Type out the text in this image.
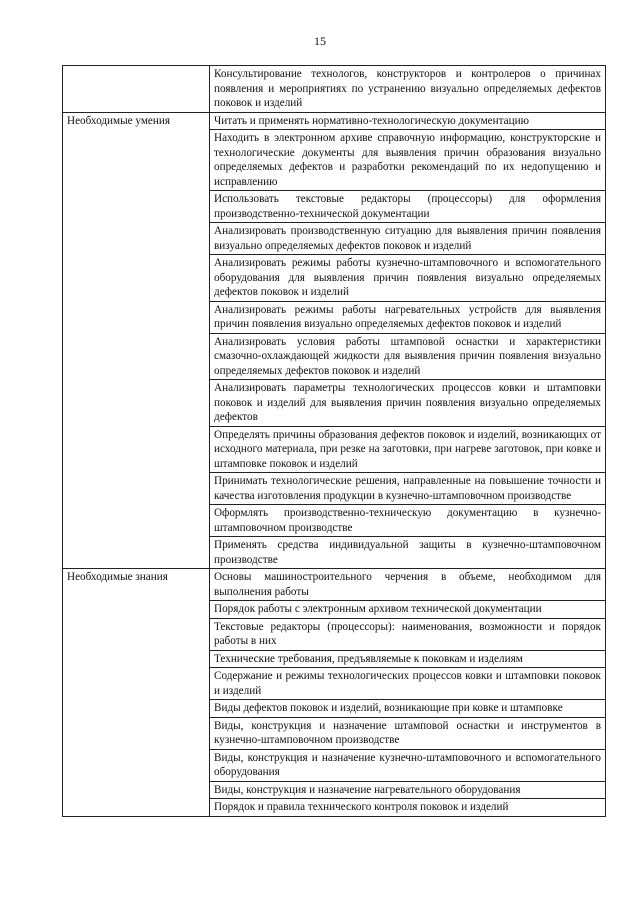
15
	Консультирование технологов, конструкторов и контролеров о причинах появления и мероприятиях по устранению визуально определяемых дефектов поковок и изделий
Необходимые умения	Читать и применять нормативно-технологическую документацию
	Находить в электронном архиве справочную информацию, конструкторские и технологические документы для выявления причин образования визуально определяемых дефектов и разработки рекомендаций по их недопущению и исправлению
	Использовать текстовые редакторы (процессоры) для оформления производственно-технической документации
	Анализировать производственную ситуацию для выявления причин появления визуально определяемых дефектов поковок и изделий
	Анализировать режимы работы кузнечно-штамповочного и вспомогательного оборудования для выявления причин появления визуально определяемых дефектов поковок и изделий
	Анализировать режимы работы нагревательных устройств для выявления причин появления визуально определяемых дефектов поковок и изделий
	Анализировать условия работы штамповой оснастки и характеристики смазочно-охлаждающей жидкости для выявления причин появления визуально определяемых дефектов поковок и изделий
	Анализировать параметры технологических процессов ковки и штамповки поковок и изделий для выявления причин появления визуально определяемых дефектов
	Определять причины образования дефектов поковок и изделий, возникающих от исходного материала, при резке на заготовки, при нагреве заготовок, при ковке и штамповке поковок и изделий
	Принимать технологические решения, направленные на повышение точности и качества изготовления продукции в кузнечно-штамповочном производстве
	Оформлять производственно-техническую документацию в кузнечно-штамповочном производстве
	Применять средства индивидуальной защиты в кузнечно-штамповочном производстве
Необходимые знания	Основы машиностроительного черчения в объеме, необходимом для выполнения работы
	Порядок работы с электронным архивом технической документации
	Текстовые редакторы (процессоры): наименования, возможности и порядок работы в них
	Технические требования, предъявляемые к поковкам и изделиям
	Содержание и режимы технологических процессов ковки и штамповки поковок и изделий
	Виды дефектов поковок и изделий, возникающие при ковке и штамповке
	Виды, конструкция и назначение штамповой оснастки и инструментов в кузнечно-штамповочном производстве
	Виды, конструкция и назначение кузнечно-штамповочного и вспомогательного оборудования
	Виды, конструкция и назначение нагревательного оборудования
	Порядок и правила технического контроля поковок и изделий
